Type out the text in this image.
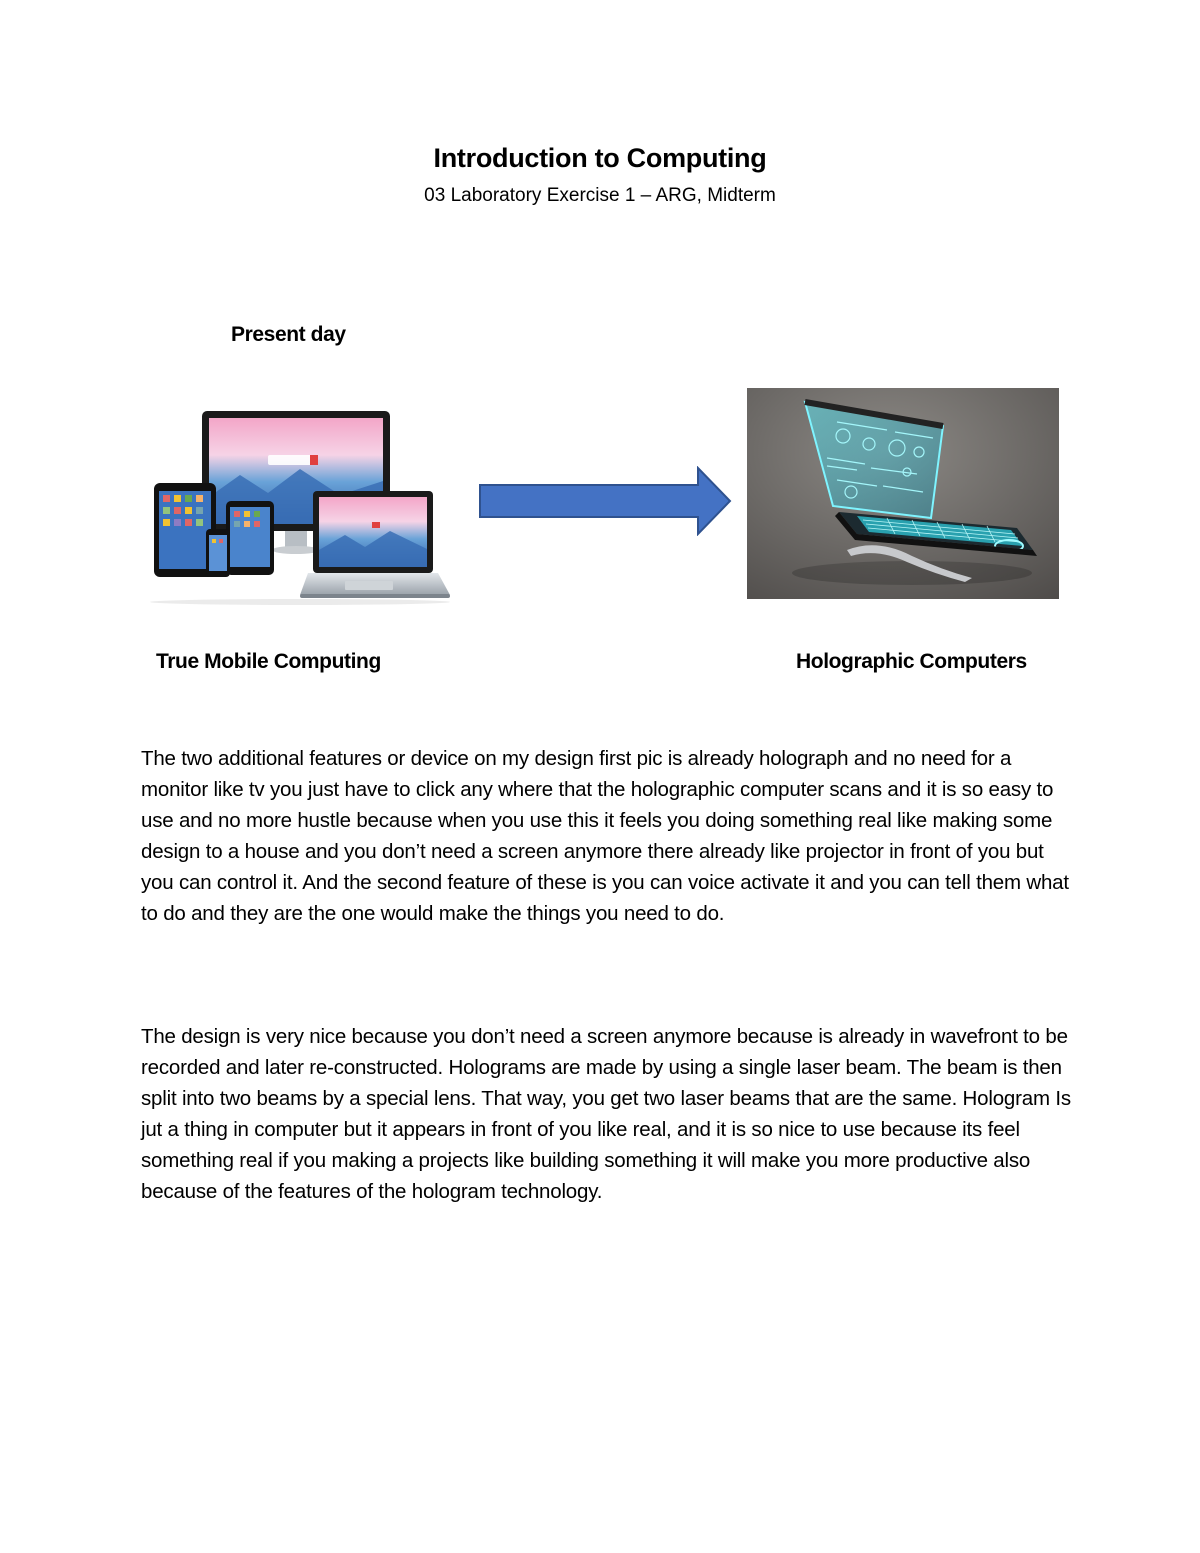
Introduction to Computing
03 Laboratory Exercise 1 – ARG, Midterm
Present day
True Mobile Computing	Holographic Computers

The two additional features or device on my design first pic is already holograph and no need for a monitor like tv you just have to click any where that the holographic computer scans and it is so easy to use and no more hustle because when you use this it feels you doing something real like making some design to a house and you don’t need a screen anymore there already like projector in front of you but you can control it. And the second feature of these is you can voice activate it and you can tell them what to do and they are the one would make the things you need to do.

The design is very nice because you don’t need a screen anymore because is already in wavefront to be recorded and later re-constructed. Holograms are made by using a single laser beam. The beam is then split into two beams by a special lens. That way, you get two laser beams that are the same. Hologram Is jut a thing in computer but it appears in front of you like real, and it is so nice to use because its feel something real if you making a projects like building something it will make you more productive also because of the features of the hologram technology.
